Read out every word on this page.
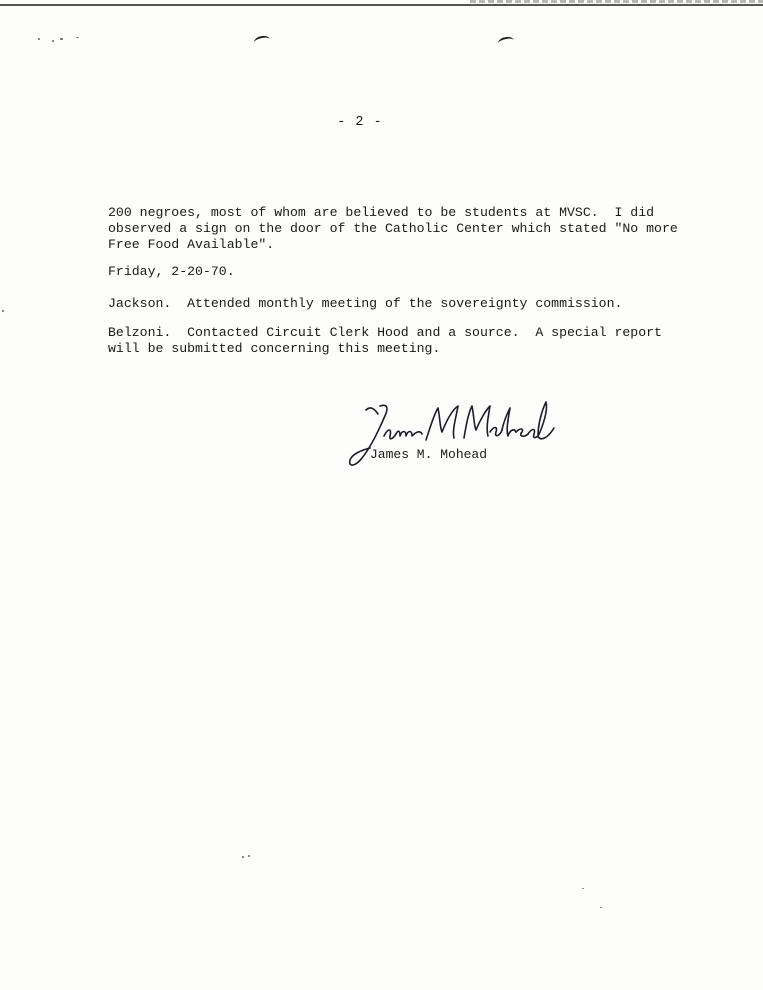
- 2 -
200 negroes, most of whom are believed to be students at MVSC.  I did
observed a sign on the door of the Catholic Center which stated "No more
Free Food Available".
Friday, 2-20-70.
Jackson.  Attended monthly meeting of the sovereignty commission.
Belzoni.  Contacted Circuit Clerk Hood and a source.  A special report
will be submitted concerning this meeting.
James M. Mohead
